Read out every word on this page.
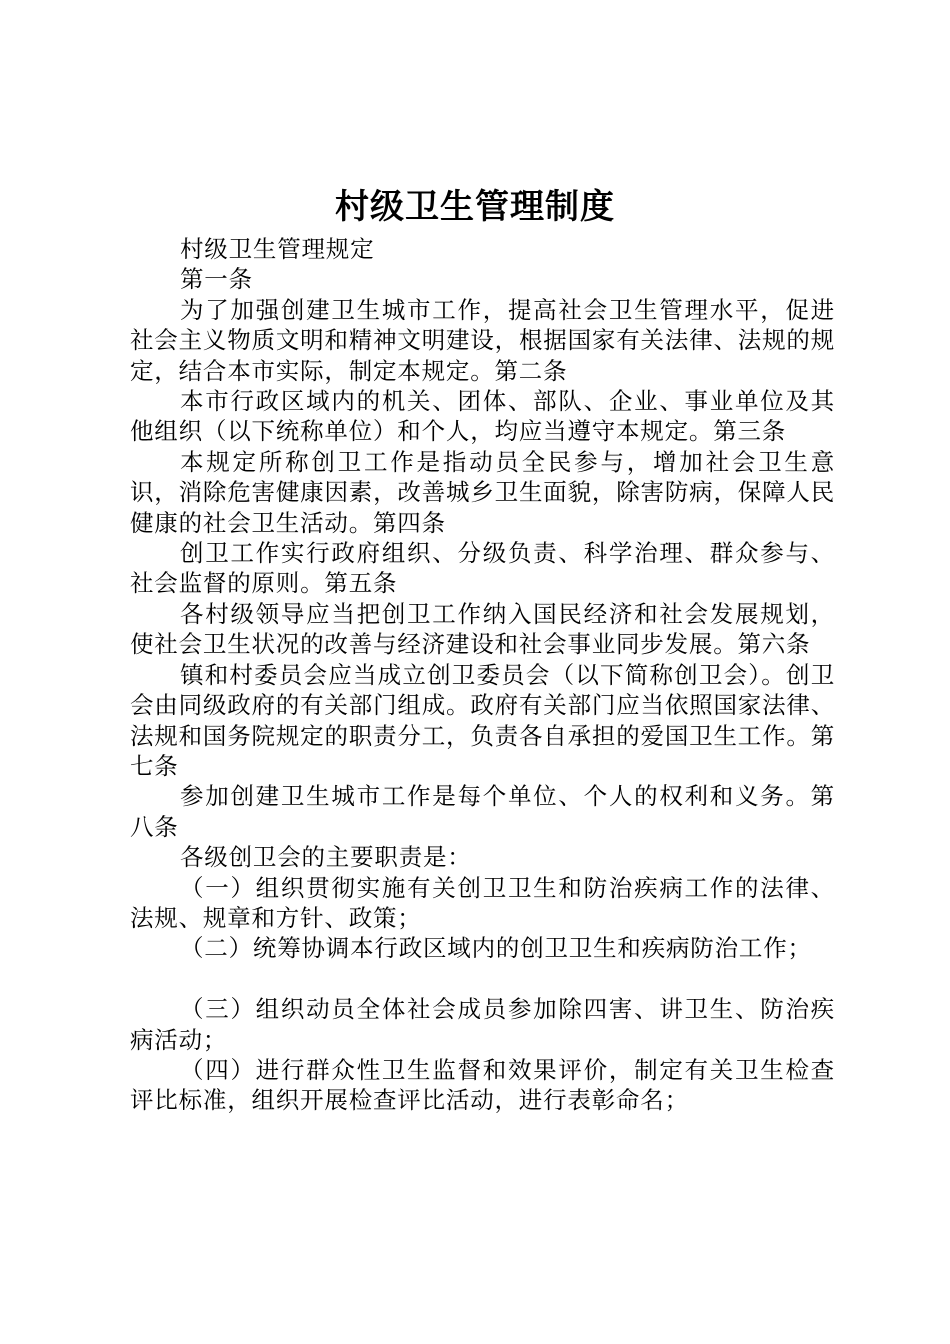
村级卫生管理制度

村级卫生管理规定

第一条

为了加强创建卫生城市工作，提高社会卫生管理水平，促进社会主义物质文明和精神文明建设，根据国家有关法律、法规的规定，结合本市实际，制定本规定。第二条

本市行政区域内的机关、团体、部队、企业、事业单位及其他组织（以下统称单位）和个人，均应当遵守本规定。第三条

本规定所称创卫工作是指动员全民参与，增加社会卫生意识，消除危害健康因素，改善城乡卫生面貌，除害防病，保障人民健康的社会卫生活动。第四条

创卫工作实行政府组织、分级负责、科学治理、群众参与、社会监督的原则。第五条

各村级领导应当把创卫工作纳入国民经济和社会发展规划，使社会卫生状况的改善与经济建设和社会事业同步发展。第六条

镇和村委员会应当成立创卫委员会（以下简称创卫会）。创卫会由同级政府的有关部门组成。政府有关部门应当依照国家法律、法规和国务院规定的职责分工，负责各自承担的爱国卫生工作。第七条

参加创建卫生城市工作是每个单位、个人的权利和义务。第八条

各级创卫会的主要职责是：

（一）组织贯彻实施有关创卫卫生和防治疾病工作的法律、法规、规章和方针、政策；

（二）统筹协调本行政区域内的创卫卫生和疾病防治工作；

（三）组织动员全体社会成员参加除四害、讲卫生、防治疾病活动；

（四）进行群众性卫生监督和效果评价，制定有关卫生检查评比标准，组织开展检查评比活动，进行表彰命名；
